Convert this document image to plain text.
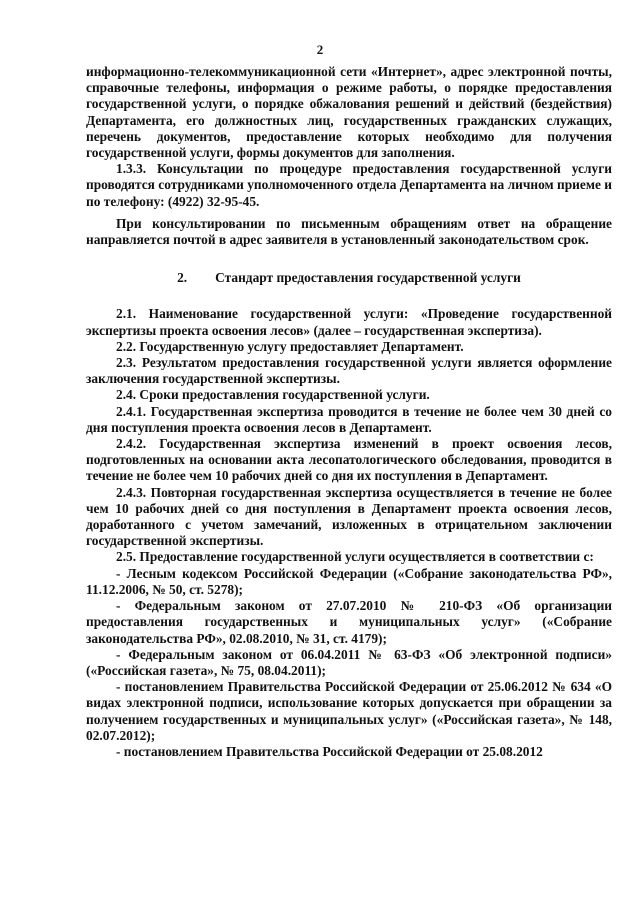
2

информационно-телекоммуникационной сети «Интернет», адрес электронной почты, справочные телефоны, информация о режиме работы, о порядке предоставления государственной услуги, о порядке обжалования решений и действий (бездействия) Департамента, его должностных лиц, государственных гражданских служащих, перечень документов, предоставление которых необходимо для получения государственной услуги, формы документов для заполнения.

1.3.3. Консультации по процедуре предоставления государственной услуги проводятся сотрудниками уполномоченного отдела Департамента на личном приеме и по телефону: (4922) 32-95-45.

При консультировании по письменным обращениям ответ на обращение направляется почтой в адрес заявителя в установленный законодательством срок.

2. Стандарт предоставления государственной услуги

2.1. Наименование государственной услуги: «Проведение государственной экспертизы проекта освоения лесов» (далее – государственная экспертиза).

2.2. Государственную услугу предоставляет Департамент.

2.3. Результатом предоставления государственной услуги является оформление заключения государственной экспертизы.

2.4. Сроки предоставления государственной услуги.

2.4.1. Государственная экспертиза проводится в течение не более чем 30 дней со дня поступления проекта освоения лесов в Департамент.

2.4.2. Государственная экспертиза изменений в проект освоения лесов, подготовленных на основании акта лесопатологического обследования, проводится в течение не более чем 10 рабочих дней со дня их поступления в Департамент.

2.4.3. Повторная государственная экспертиза осуществляется в течение не более чем 10 рабочих дней со дня поступления в Департамент проекта освоения лесов, доработанного с учетом замечаний, изложенных в отрицательном заключении государственной экспертизы.

2.5. Предоставление государственной услуги осуществляется в соответствии с:

- Лесным кодексом Российской Федерации («Собрание законодательства РФ», 11.12.2006, № 50, ст. 5278);

- Федеральным законом от 27.07.2010 № 210-ФЗ «Об организации предоставления государственных и муниципальных услуг» («Собрание законодательства РФ», 02.08.2010, № 31, ст. 4179);

- Федеральным законом от 06.04.2011 № 63-ФЗ «Об электронной подписи» («Российская газета», № 75, 08.04.2011);

- постановлением Правительства Российской Федерации от 25.06.2012 № 634 «О видах электронной подписи, использование которых допускается при обращении за получением государственных и муниципальных услуг» («Российская газета», № 148, 02.07.2012);

- постановлением Правительства Российской Федерации от 25.08.2012
